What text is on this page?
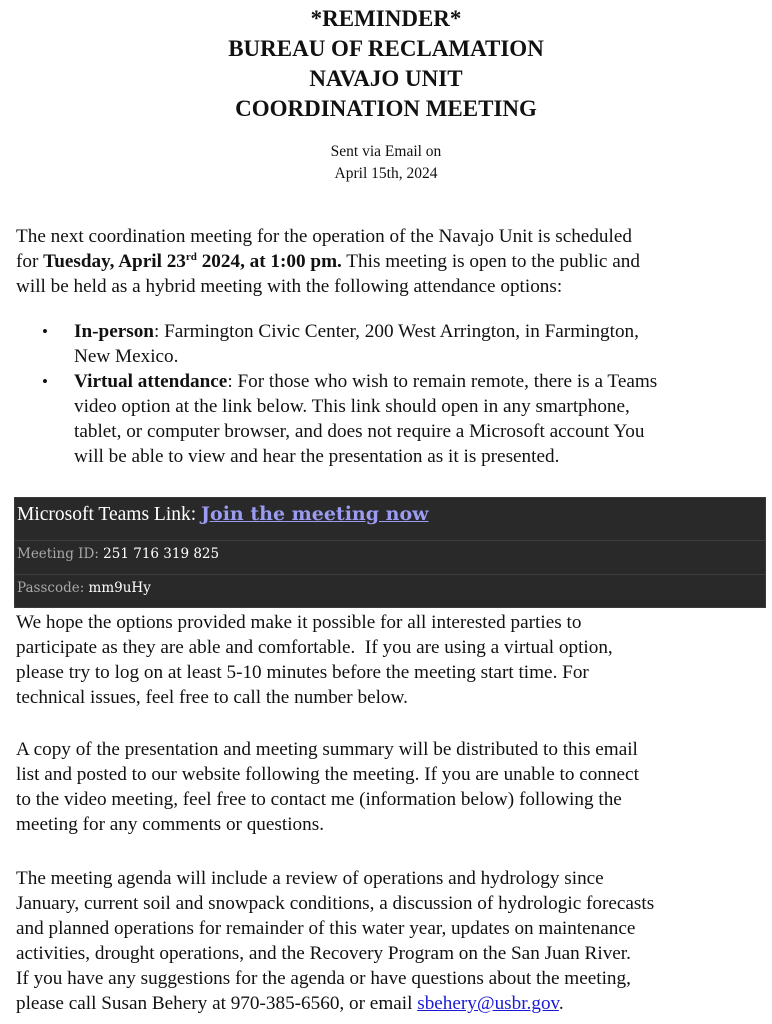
*REMINDER*
BUREAU OF RECLAMATION
NAVAJO UNIT
COORDINATION MEETING
Sent via Email on
April 15th, 2024
The next coordination meeting for the operation of the Navajo Unit is scheduled
for Tuesday, April 23rd 2024, at 1:00 pm. This meeting is open to the public and
will be held as a hybrid meeting with the following attendance options:
• In-person: Farmington Civic Center, 200 West Arrington, in Farmington,
New Mexico.
• Virtual attendance: For those who wish to remain remote, there is a Teams
video option at the link below. This link should open in any smartphone,
tablet, or computer browser, and does not require a Microsoft account You
will be able to view and hear the presentation as it is presented.
Microsoft Teams Link: Join the meeting now
Meeting ID: 251 716 319 825
Passcode: mm9uHy
We hope the options provided make it possible for all interested parties to
participate as they are able and comfortable.  If you are using a virtual option,
please try to log on at least 5-10 minutes before the meeting start time. For
technical issues, feel free to call the number below.
A copy of the presentation and meeting summary will be distributed to this email
list and posted to our website following the meeting. If you are unable to connect
to the video meeting, feel free to contact me (information below) following the
meeting for any comments or questions.
The meeting agenda will include a review of operations and hydrology since
January, current soil and snowpack conditions, a discussion of hydrologic forecasts
and planned operations for remainder of this water year, updates on maintenance
activities, drought operations, and the Recovery Program on the San Juan River.
If you have any suggestions for the agenda or have questions about the meeting,
please call Susan Behery at 970-385-6560, or email sbehery@usbr.gov.
